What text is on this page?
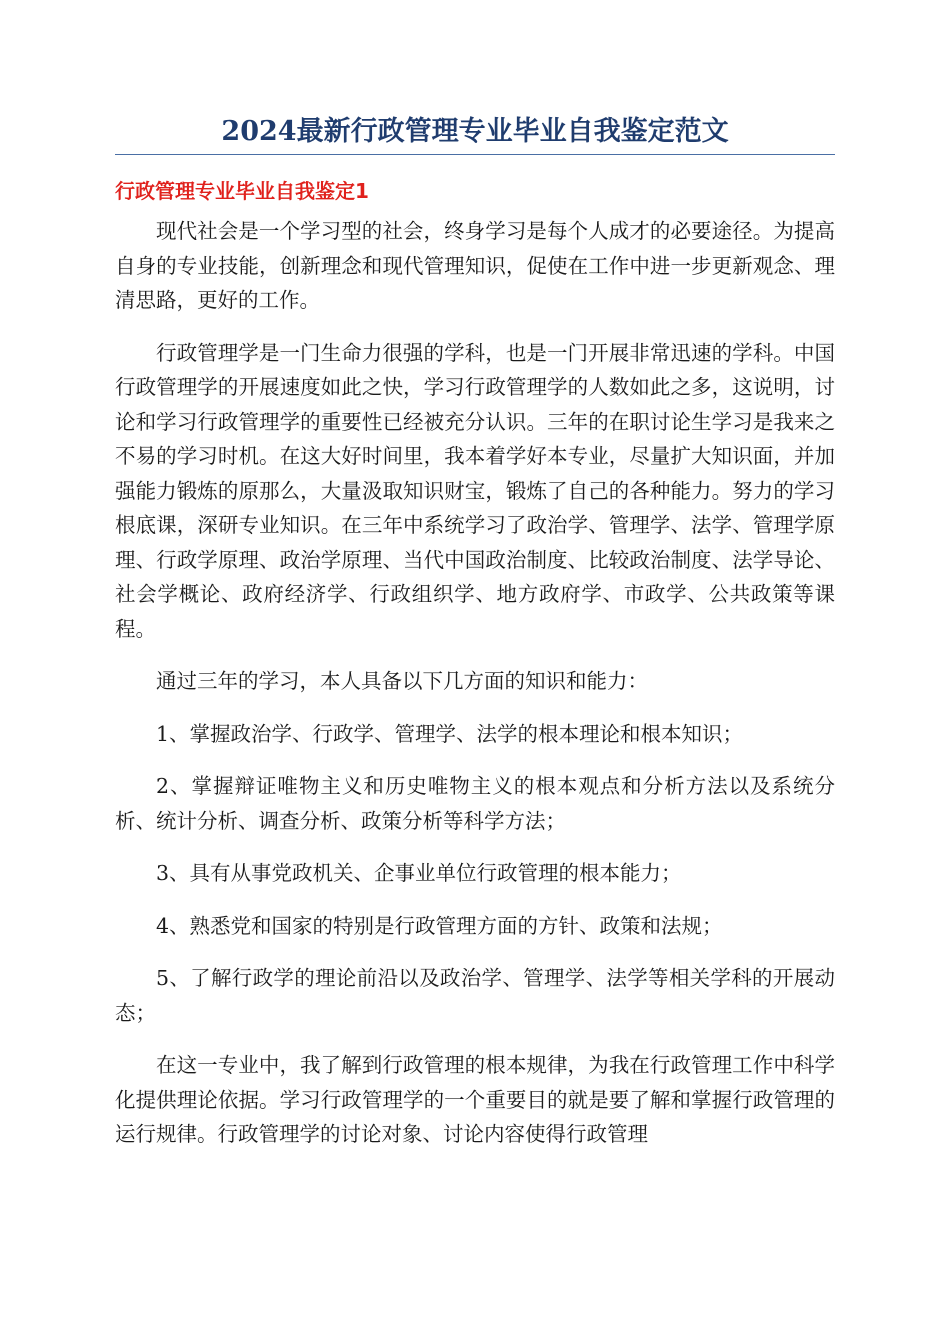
2024最新行政管理专业毕业自我鉴定范文
行政管理专业毕业自我鉴定1

现代社会是一个学习型的社会，终身学习是每个人成才的必要途径。为提高自身的专业技能，创新理念和现代管理知识，促使在工作中进一步更新观念、理清思路，更好的工作。

行政管理学是一门生命力很强的学科，也是一门开展非常迅速的学科。中国行政管理学的开展速度如此之快，学习行政管理学的人数如此之多，这说明，讨论和学习行政管理学的重要性已经被充分认识。三年的在职讨论生学习是我来之不易的学习时机。在这大好时间里，我本着学好本专业，尽量扩大知识面，并加强能力锻炼的原那么，大量汲取知识财宝，锻炼了自己的各种能力。努力的学习根底课，深研专业知识。在三年中系统学习了政治学、管理学、法学、管理学原理、行政学原理、政治学原理、当代中国政治制度、比较政治制度、法学导论、社会学概论、政府经济学、行政组织学、地方政府学、市政学、公共政策等课程。

通过三年的学习，本人具备以下几方面的知识和能力：

1、掌握政治学、行政学、管理学、法学的根本理论和根本知识；

2、掌握辩证唯物主义和历史唯物主义的根本观点和分析方法以及系统分析、统计分析、调查分析、政策分析等科学方法；

3、具有从事党政机关、企事业单位行政管理的根本能力；

4、熟悉党和国家的特别是行政管理方面的方针、政策和法规；

5、了解行政学的理论前沿以及政治学、管理学、法学等相关学科的开展动态；

在这一专业中，我了解到行政管理的根本规律，为我在行政管理工作中科学化提供理论依据。学习行政管理学的一个重要目的就是要了解和掌握行政管理的运行规律。行政管理学的讨论对象、讨论内容使得行政管理
